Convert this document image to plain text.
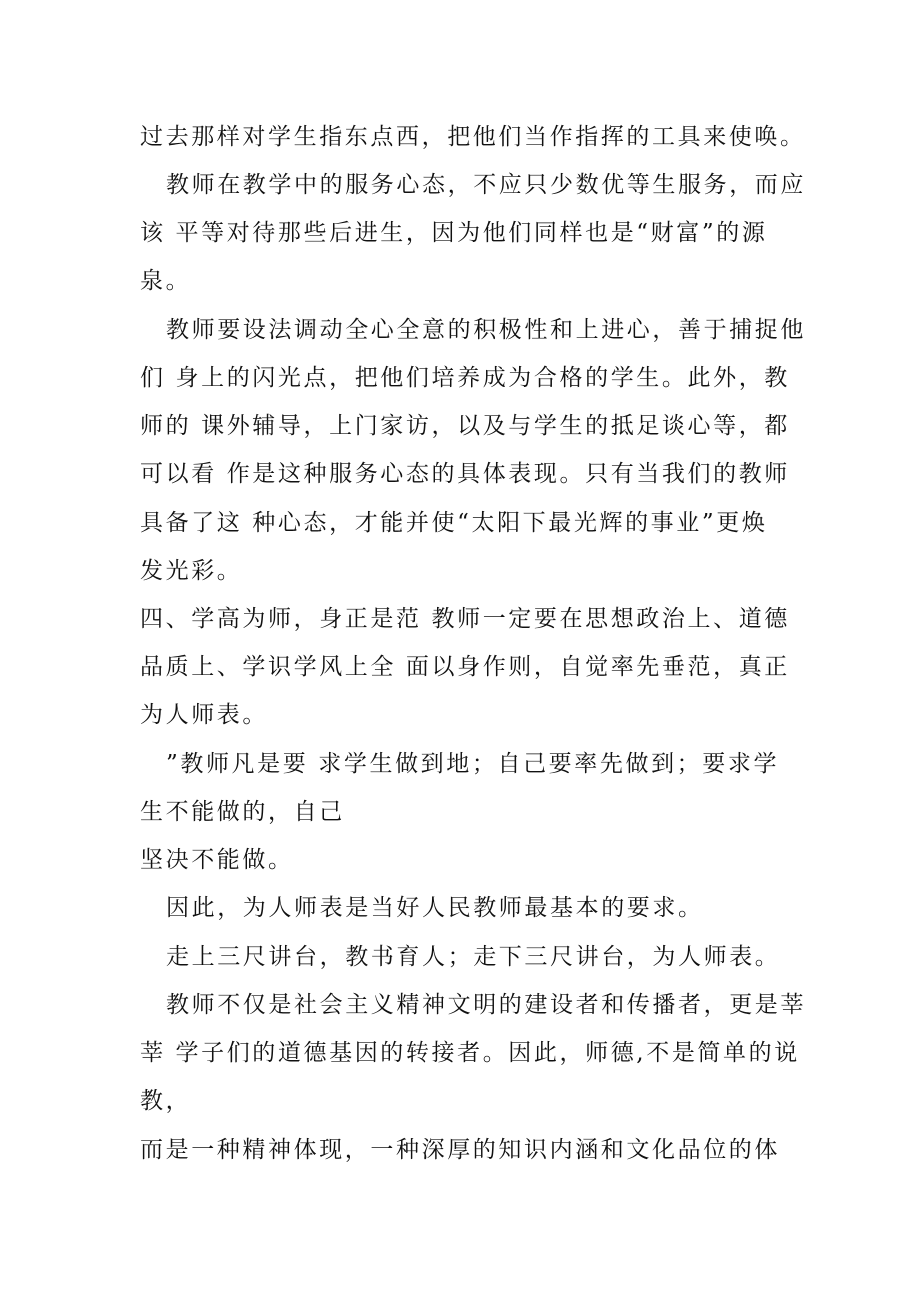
过去那样对学生指东点西，把他们当作指挥的工具来使唤。

教师在教学中的服务心态，不应只少数优等生服务，而应

该 平等对待那些后进生，因为他们同样也是“财富”的源

泉。

教师要设法调动全心全意的积极性和上进心，善于捕捉他

们 身上的闪光点，把他们培养成为合格的学生。此外，教

师的 课外辅导，上门家访，以及与学生的抵足谈心等，都

可以看 作是这种服务心态的具体表现。只有当我们的教师

具备了这 种心态，才能并使“太阳下最光辉的事业”更焕

发光彩。

四、学高为师，身正是范 教师一定要在思想政治上、道德

品质上、学识学风上全 面以身作则，自觉率先垂范，真正

为人师表。

”教师凡是要 求学生做到地；自己要率先做到；要求学

生不能做的，自己

坚决不能做。

因此，为人师表是当好人民教师最基本的要求。

走上三尺讲台，教书育人；走下三尺讲台，为人师表。

教师不仅是社会主义精神文明的建设者和传播者，更是莘

莘 学子们的道德基因的转接者。因此，师德,不是简单的说

教，

而是一种精神体现，一种深厚的知识内涵和文化品位的体
